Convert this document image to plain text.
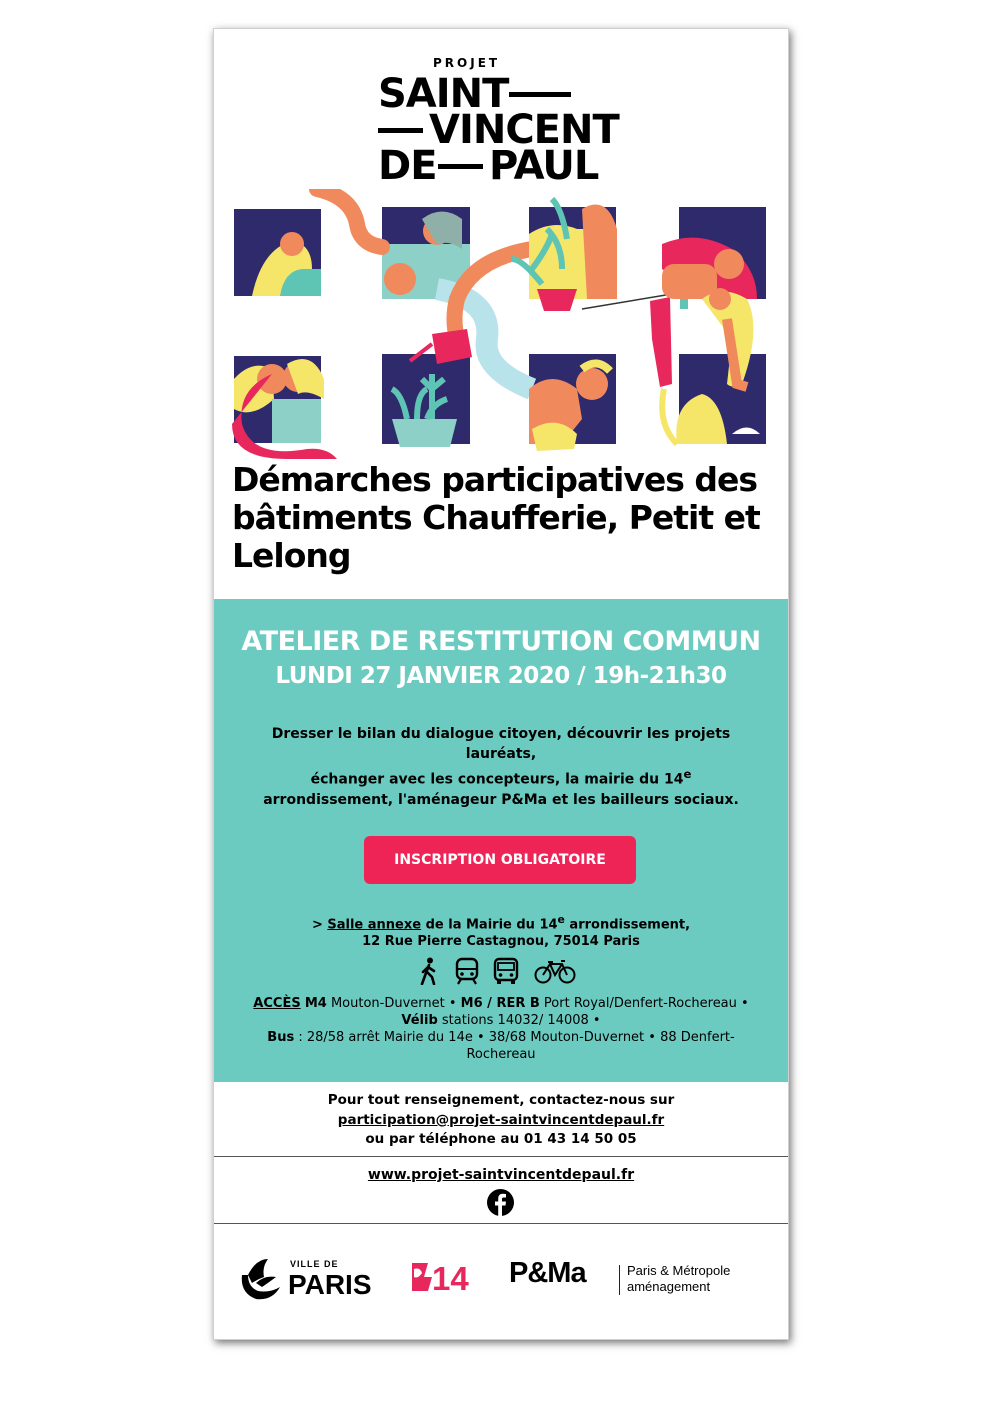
PROJET
SAINT
VINCENT
DE PAUL
Démarches participatives des bâtiments Chaufferie, Petit et Lelong
ATELIER DE RESTITUTION COMMUN
LUNDI 27 JANVIER 2020 / 19h-21h30

Dresser le bilan du dialogue citoyen, découvrir les projets lauréats,

échanger avec les concepteurs, la mairie du 14e

arrondissement, l'aménageur P&Ma et les bailleurs sociaux.

INSCRIPTION OBLIGATOIRE
> Salle annexe de la Mairie du 14e arrondissement,
12 Rue Pierre Castagnou, 75014 Paris
ACCÈS M4 Mouton-Duvernet • M6 / RER B Port Royal/Denfert-Rochereau •
Vélib stations 14032/ 14008 •
Bus : 28/58 arrêt Mairie du 14e • 38/68 Mouton-Duvernet • 88 Denfert-Rochereau
Pour tout renseignement, contactez-nous sur
participation@projet-saintvincentdepaul.fr
ou par téléphone au 01 43 14 50 05
www.projet-saintvincentdepaul.fr
VILLE DE
PARIS 14 P&Ma	Paris & Métropole
aménagement
